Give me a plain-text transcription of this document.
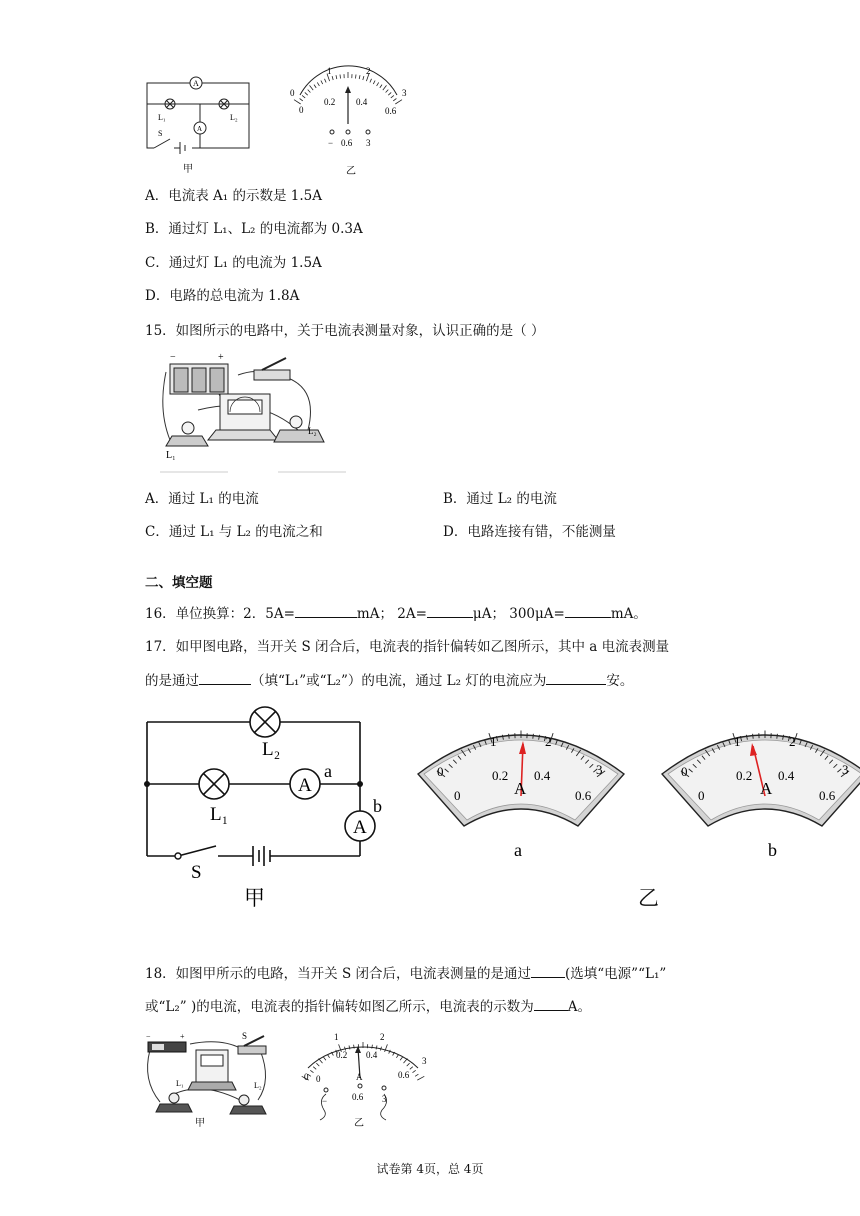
A
A
L₁	L₂
S
甲
0
1	2
3
0
0.2 0.4
0.6
− 0.6 3
乙
A．电流表 A₁ 的示数是 1.5A
B．通过灯 L₁、L₂ 的电流都为 0.3A
C．通过灯 L₁ 的电流为 1.5A
D．电路的总电流为 1.8A
15．如图所示的电路中，关于电流表测量对象，认识正确的是（ ）
−	+
L₁
L₂
A．通过 L₁ 的电流	B．通过 L₂ 的电流
C．通过 L₁ 与 L₂ 的电流之和	D．电路连接有错，不能测量
二、填空题
16．单位换算：2．5A=	mA； 2A=	μA； 300μA=	mA。
17．如甲图电路，当开关 S 闭合后，电流表的指针偏转如乙图所示，其中 a 电流表测量
的是通过	（填“L₁”或“L₂”）的电流，通过 L₂ 灯的电流应为	安。
A
A
L₂
L₁
a
b
S
甲
0
1	2
3
0
0.2 0.4
0.6
A
a
0
1	2
3
0
0.2 0.4
0.6
A
b
乙
18．如图甲所示的电路，当开关 S 闭合后，电流表测量的是通过	(选填“电源”“L₁”
或“L₂” )的电流，电流表的指针偏转如图乙所示，电流表的示数为	A。
−	+	S
L₁	L₂
甲
0
1	2
3
0
0.2 0.4
0.6
A
−	0.6 3
乙
试卷第 4页，总 4页
